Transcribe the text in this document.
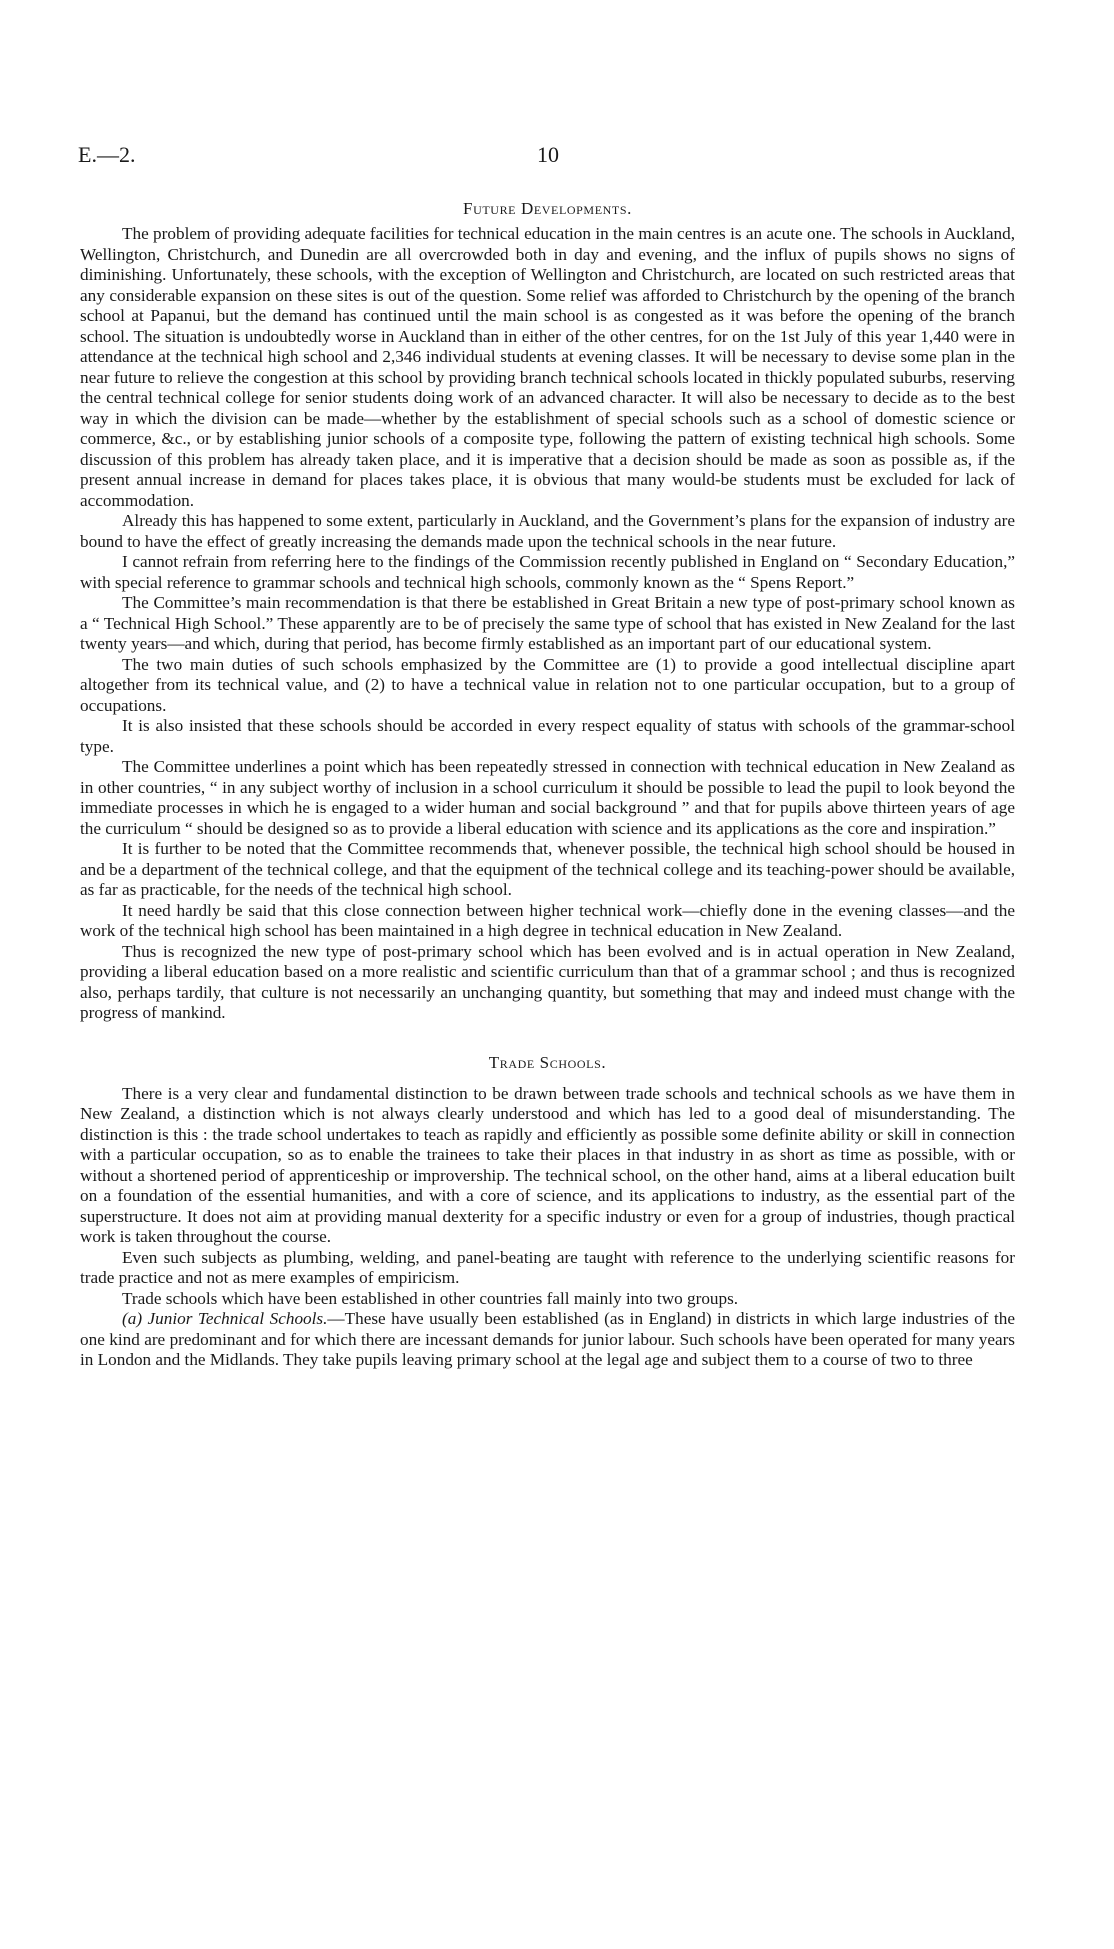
E.—2.	10
Future Developments.

The problem of providing adequate facilities for technical education in the main centres is an acute one. The schools in Auckland, Wellington, Christchurch, and Dunedin are all overcrowded both in day and evening, and the influx of pupils shows no signs of diminishing. Unfortunately, these schools, with the exception of Wellington and Christchurch, are located on such restricted areas that any considerable expansion on these sites is out of the question. Some relief was afforded to Christchurch by the opening of the branch school at Papanui, but the demand has continued until the main school is as congested as it was before the opening of the branch school. The situation is undoubtedly worse in Auckland than in either of the other centres, for on the 1st July of this year 1,440 were in attendance at the technical high school and 2,346 individual students at evening classes. It will be necessary to devise some plan in the near future to relieve the congestion at this school by providing branch technical schools located in thickly populated suburbs, reserving the central technical college for senior students doing work of an advanced character. It will also be necessary to decide as to the best way in which the division can be made—whether by the establishment of special schools such as a school of domestic science or commerce, &c., or by establishing junior schools of a composite type, following the pattern of existing technical high schools. Some discussion of this problem has already taken place, and it is imperative that a decision should be made as soon as possible as, if the present annual increase in demand for places takes place, it is obvious that many would-be students must be excluded for lack of accommodation.

Already this has happened to some extent, particularly in Auckland, and the Government’s plans for the expansion of industry are bound to have the effect of greatly increasing the demands made upon the technical schools in the near future.

I cannot refrain from referring here to the findings of the Commission recently published in England on “ Secondary Education,” with special reference to grammar schools and technical high schools, commonly known as the “ Spens Report.”

The Committee’s main recommendation is that there be established in Great Britain a new type of post-primary school known as a “ Technical High School.” These apparently are to be of precisely the same type of school that has existed in New Zealand for the last twenty years—and which, during that period, has become firmly established as an important part of our educational system.

The two main duties of such schools emphasized by the Committee are (1) to provide a good intellectual discipline apart altogether from its technical value, and (2) to have a technical value in relation not to one particular occupation, but to a group of occupations.

It is also insisted that these schools should be accorded in every respect equality of status with schools of the grammar-school type.

The Committee underlines a point which has been repeatedly stressed in connection with technical education in New Zealand as in other countries, “ in any subject worthy of inclusion in a school curriculum it should be possible to lead the pupil to look beyond the immediate processes in which he is engaged to a wider human and social background ” and that for pupils above thirteen years of age the curriculum “ should be designed so as to provide a liberal education with science and its applications as the core and inspiration.”

It is further to be noted that the Committee recommends that, whenever possible, the technical high school should be housed in and be a department of the technical college, and that the equipment of the technical college and its teaching-power should be available, as far as practicable, for the needs of the technical high school.

It need hardly be said that this close connection between higher technical work—chiefly done in the evening classes—and the work of the technical high school has been maintained in a high degree in technical education in New Zealand.

Thus is recognized the new type of post-primary school which has been evolved and is in actual operation in New Zealand, providing a liberal education based on a more realistic and scientific curriculum than that of a grammar school ; and thus is recognized also, perhaps tardily, that culture is not necessarily an unchanging quantity, but something that may and indeed must change with the progress of mankind.

Trade Schools.

There is a very clear and fundamental distinction to be drawn between trade schools and technical schools as we have them in New Zealand, a distinction which is not always clearly understood and which has led to a good deal of misunderstanding. The distinction is this : the trade school undertakes to teach as rapidly and efficiently as possible some definite ability or skill in connection with a particular occupation, so as to enable the trainees to take their places in that industry in as short as time as possible, with or without a shortened period of apprenticeship or improvership. The technical school, on the other hand, aims at a liberal education built on a foundation of the essential humanities, and with a core of science, and its applications to industry, as the essential part of the superstructure. It does not aim at providing manual dexterity for a specific industry or even for a group of industries, though practical work is taken throughout the course.

Even such subjects as plumbing, welding, and panel-beating are taught with reference to the underlying scientific reasons for trade practice and not as mere examples of empiricism.

Trade schools which have been established in other countries fall mainly into two groups.

(a) Junior Technical Schools.—These have usually been established (as in England) in districts in which large industries of the one kind are predominant and for which there are incessant demands for junior labour. Such schools have been operated for many years in London and the Midlands. They take pupils leaving primary school at the legal age and subject them to a course of two to three
